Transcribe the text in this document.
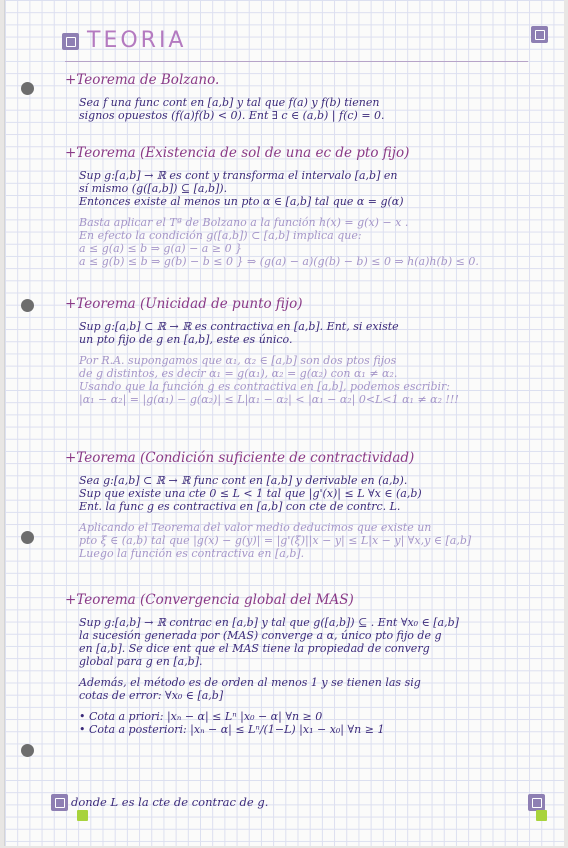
TEORIA
+Teorema de Bolzano.
Sea f una func cont en [a,b] y tal que f(a) y f(b) tienen
signos opuestos (f(a)f(b) < 0). Ent ∃ c ∈ (a,b) | f(c) = 0.
+Teorema (Existencia de sol de una ec de pto fijo)
Sup g:[a,b] → ℝ es cont y transforma el intervalo [a,b] en
sí mismo (g([a,b]) ⊆ [a,b]).
Entonces existe al menos un pto α ∈ [a,b] tal que α = g(α)
Basta aplicar el Tª de Bolzano a la función h(x) = g(x) − x .
En efecto la condición g([a,b]) ⊂ [a,b] implica que:
a ≤ g(a) ≤ b ⇒ g(a) − a ≥ 0 }
a ≤ g(b) ≤ b ⇒ g(b) − b ≤ 0 } ⇒ (g(a) − a)(g(b) − b) ≤ 0 ⇒ h(a)h(b) ≤ 0.
+Teorema (Unicidad de punto fijo)
Sup g:[a,b] ⊂ ℝ → ℝ es contractiva en [a,b]. Ent, si existe
un pto fijo de g en [a,b], este es único.
Por R.A. supongamos que α₁, α₂ ∈ [a,b] son dos ptos fijos
de g distintos, es decir α₁ = g(α₁), α₂ = g(α₂) con α₁ ≠ α₂.
Usando que la función g es contractiva en [a,b], podemos escribir:
|α₁ − α₂| = |g(α₁) − g(α₂)| ≤ L|α₁ − α₂| < |α₁ − α₂| 0<L<1 α₁ ≠ α₂ !!!
+Teorema (Condición suficiente de contractividad)
Sea g:[a,b] ⊂ ℝ → ℝ func cont en [a,b] y derivable en (a,b).
Sup que existe una cte 0 ≤ L < 1 tal que |g'(x)| ≤ L ∀x ∈ (a,b)
Ent. la func g es contractiva en [a,b] con cte de contrc. L.
Aplicando el Teorema del valor medio deducimos que existe un
pto ξ ∈ (a,b) tal que |g(x) − g(y)| = |g'(ξ)||x − y| ≤ L|x − y| ∀x,y ∈ [a,b]
Luego la función es contractiva en [a,b].
+Teorema (Convergencia global del MAS)
Sup g:[a,b] → ℝ contrac en [a,b] y tal que g([a,b]) ⊆ . Ent ∀x₀ ∈ [a,b]
la sucesión generada por (MAS) converge a α, único pto fijo de g
en [a,b]. Se dice ent que el MAS tiene la propiedad de converg
global para g en [a,b].
Además, el método es de orden al menos 1 y se tienen las sig
cotas de error: ∀x₀ ∈ [a,b]
• Cota a priori: |xₙ − α| ≤ Lⁿ |x₀ − α| ∀n ≥ 0
• Cota a posteriori: |xₙ − α| ≤ Lⁿ/(1−L) |x₁ − x₀| ∀n ≥ 1
donde L es la cte de contrac de g.
